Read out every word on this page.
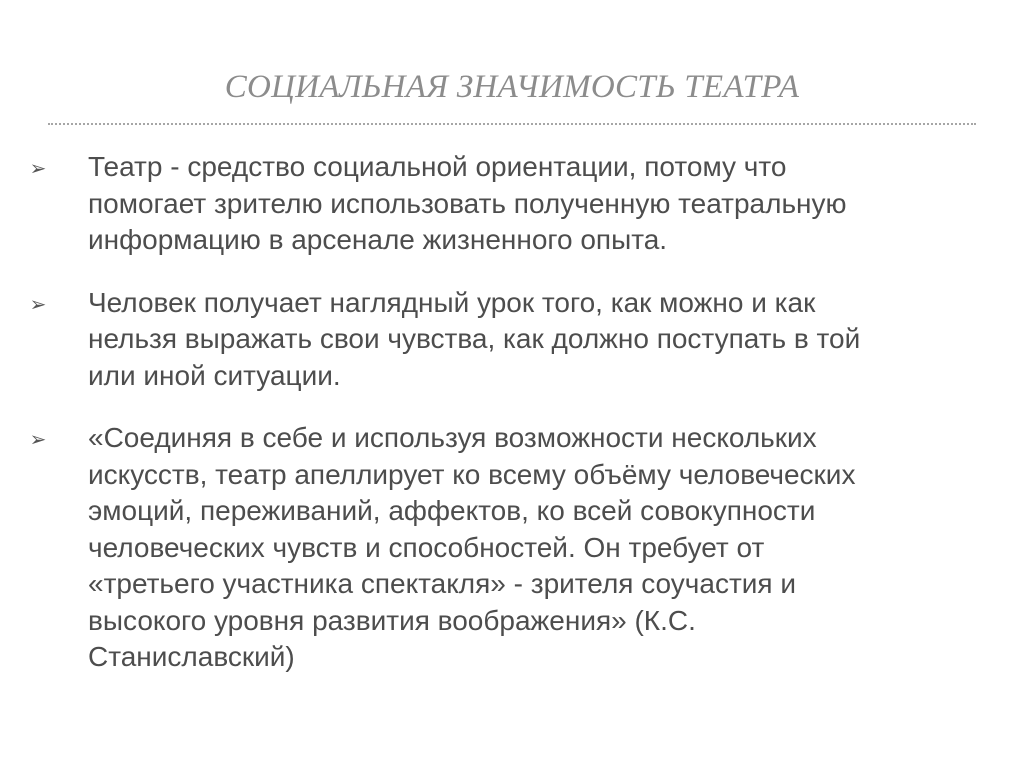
СОЦИАЛЬНАЯ ЗНАЧИМОСТЬ ТЕАТРА
➢ Театр - средство социальной ориентации, потому что
помогает зрителю использовать полученную театральную
информацию в арсенале жизненного опыта.
➢ Человек получает наглядный урок того, как можно и как
нельзя выражать свои чувства, как должно поступать в той
или иной ситуации.
➢ «Соединяя в себе и используя возможности нескольких
искусств, театр апеллирует ко всему объёму человеческих
эмоций, переживаний, аффектов, ко всей совокупности
человеческих чувств и способностей. Он требует от
«третьего участника спектакля» - зрителя соучастия и
высокого уровня развития воображения» (К.С.
Станиславский)
